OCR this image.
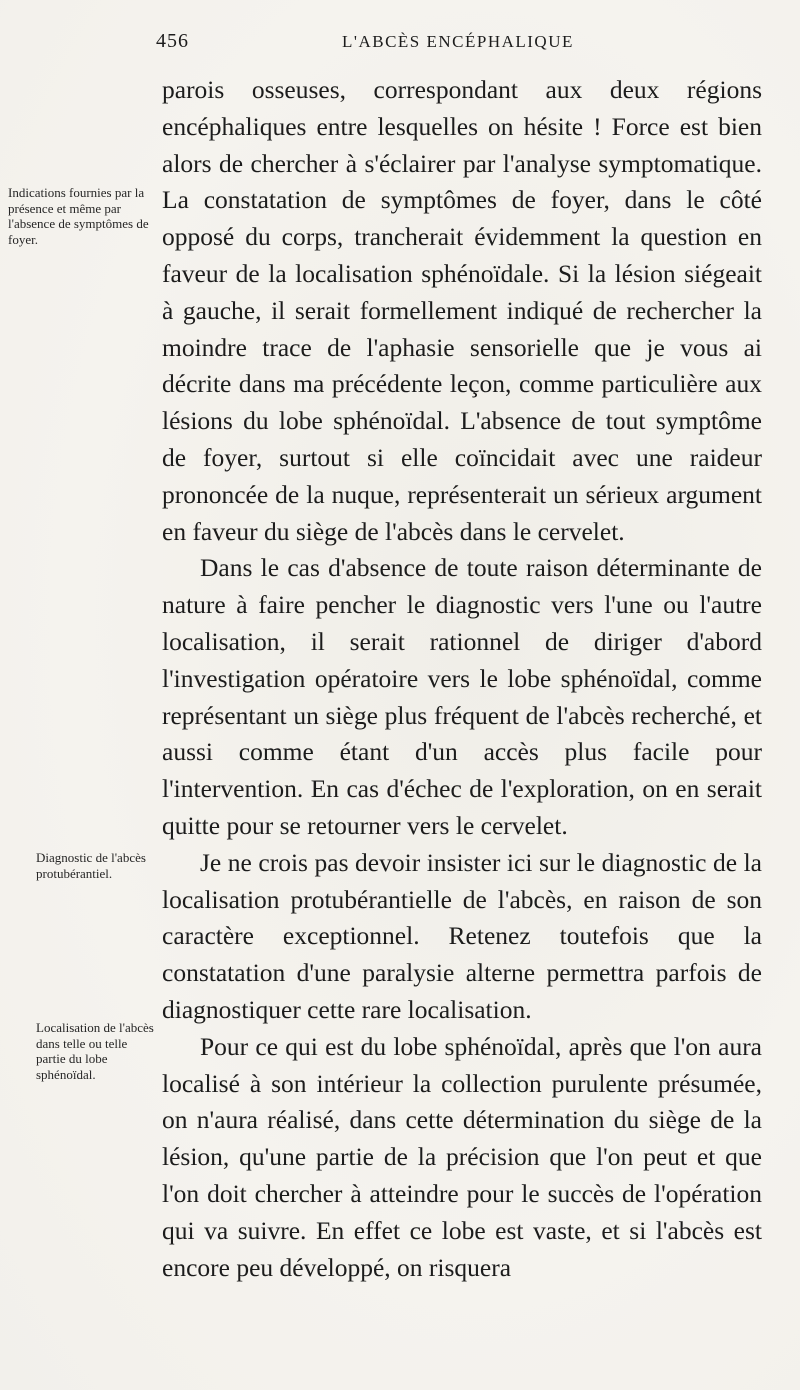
456	L'ABCÈS ENCÉPHALIQUE
Indications fournies par la présence et même par l'absence de symptômes de foyer.
Diagnostic de l'abcès protubérantiel.
Localisation de l'abcès dans telle ou telle partie du lobe sphénoïdal.

parois osseuses, correspondant aux deux régions encéphaliques entre lesquelles on hésite ! Force est bien alors de chercher à s'éclairer par l'analyse symptomatique. La constatation de symptômes de foyer, dans le côté opposé du corps, trancherait évidemment la question en faveur de la localisation sphénoïdale. Si la lésion siégeait à gauche, il serait formellement indiqué de rechercher la moindre trace de l'aphasie sensorielle que je vous ai décrite dans ma précédente leçon, comme particulière aux lésions du lobe sphénoïdal. L'absence de tout symptôme de foyer, surtout si elle coïncidait avec une raideur prononcée de la nuque, représenterait un sérieux argument en faveur du siège de l'abcès dans le cervelet.

Dans le cas d'absence de toute raison déterminante de nature à faire pencher le diagnostic vers l'une ou l'autre localisation, il serait rationnel de diriger d'abord l'investigation opératoire vers le lobe sphénoïdal, comme représentant un siège plus fréquent de l'abcès recherché, et aussi comme étant d'un accès plus facile pour l'intervention. En cas d'échec de l'exploration, on en serait quitte pour se retourner vers le cervelet.

Je ne crois pas devoir insister ici sur le diagnostic de la localisation protubérantielle de l'abcès, en raison de son caractère exceptionnel. Retenez toutefois que la constatation d'une paralysie alterne permettra parfois de diagnostiquer cette rare localisation.

Pour ce qui est du lobe sphénoïdal, après que l'on aura localisé à son intérieur la collection purulente présumée, on n'aura réalisé, dans cette détermination du siège de la lésion, qu'une partie de la précision que l'on peut et que l'on doit chercher à atteindre pour le succès de l'opération qui va suivre. En effet ce lobe est vaste, et si l'abcès est encore peu développé, on risquera
